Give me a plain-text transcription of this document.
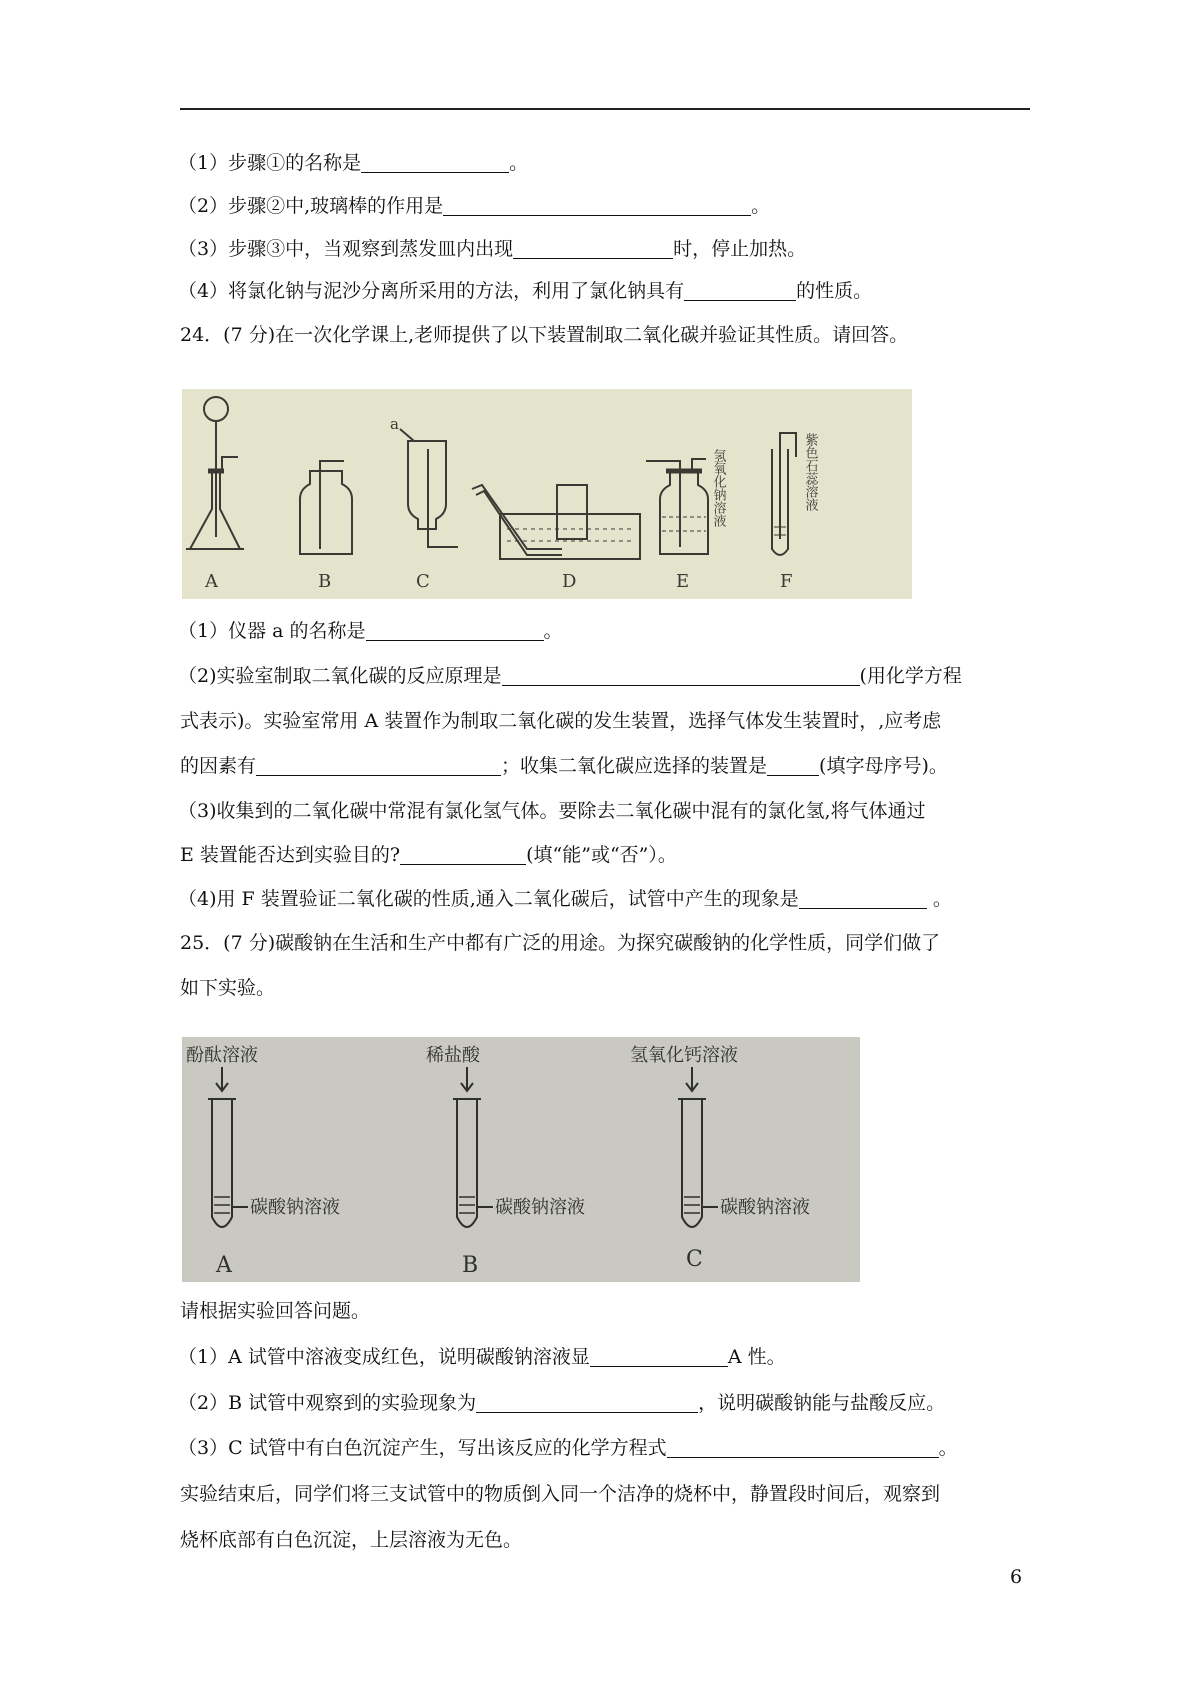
（1）步骤①的名称是	。
（2）步骤②中,玻璃棒的作用是	。
（3）步骤③中，当观察到蒸发皿内出现	时，停止加热。
（4）将氯化钠与泥沙分离所采用的方法，利用了氯化钠具有	的性质。
24．(7 分)在一次化学课上,老师提供了以下装置制取二氧化碳并验证其性质。请回答。
A	B	C	D	E	F
a
氢氧化钠溶液	紫色石蕊溶液
（1）仪器 a 的名称是	。
（2)实验室制取二氧化碳的反应原理是	(用化学方程
式表示)。实验室常用 A 装置作为制取二氧化碳的发生装置，选择气体发生装置时，,应考虑
的因素有	；收集二氧化碳应选择的装置是	(填字母序号)。
（3)收集到的二氧化碳中常混有氯化氢气体。要除去二氧化碳中混有的氯化氢,将气体通过
E 装置能否达到实验目的?	(填“能”或“否”）。
（4)用 F 装置验证二氧化碳的性质,通入二氧化碳后，试管中产生的现象是	。
25．(7 分)碳酸钠在生活和生产中都有广泛的用途。为探究碳酸钠的化学性质，同学们做了
如下实验。
酚酞溶液	稀盐酸	氢氧化钙溶液
碳酸钠溶液	碳酸钠溶液	碳酸钠溶液
A	B	C
请根据实验回答问题。
（1）A 试管中溶液变成红色，说明碳酸钠溶液显	A 性。
（2）B 试管中观察到的实验现象为	，说明碳酸钠能与盐酸反应。
（3）C 试管中有白色沉淀产生，写出该反应的化学方程式	。
实验结束后，同学们将三支试管中的物质倒入同一个洁净的烧杯中，静置段时间后，观察到
烧杯底部有白色沉淀，上层溶液为无色。
6
